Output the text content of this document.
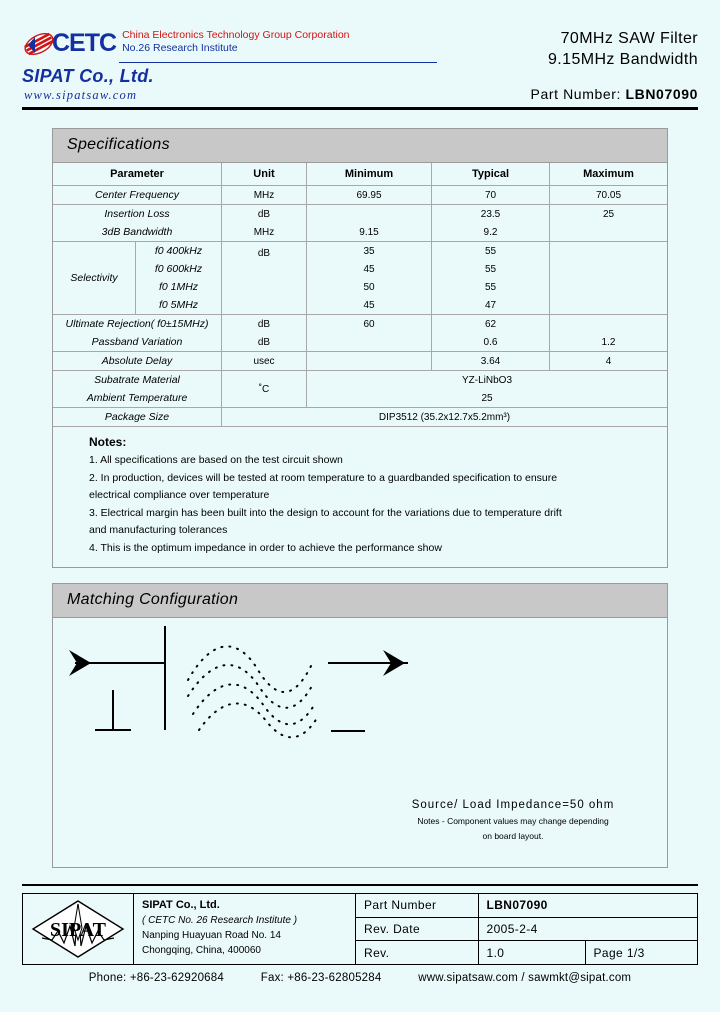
CETC China Electronics Technology Group Corporation
No.26 Research Institute
SIPAT Co., Ltd.
www.sipatsaw.com
70MHz SAW Filter
9.15MHz Bandwidth
Part Number: LBN07090
Specifications
Parameter		Unit	Minimum	Typical	Maximum
Center Frequency		MHz	69.95	70	70.05
Insertion Loss		dB		23.5	25
3dB Bandwidth		MHz	9.15	9.2	
Selectivity	f0 400kHz	dB	35	55	
	f0 600kHz		45	55	
	f0 1MHz		50	55	
	f0 5MHz		45	47	
Ultimate Rejection( f0±15MHz)		dB	60	62	
Passband Variation		dB		0.6	1.2
Absolute Delay		usec		3.64	4
Subatrate Material		˚C	YZ-LiNbO3		
Ambient Temperature			25		
Package Size		DIP3512 (35.2x12.7x5.2mm³)			
Notes:
1. All specifications are based on the test circuit shown
2. In production, devices will be tested at room temperature to a guardbanded specification to ensure
electrical compliance over temperature
3. Electrical margin has been built into the design to account for the variations due to temperature drift
and manufacturing tolerances
4. This is the optimum impedance in order to achieve the performance show
Matching Configuration
Source/ Load Impedance=50 ohm
Notes - Component values may change depending
on board layout.
SIPAT
SIPAT Co., Ltd.
( CETC No. 26 Research Institute )
Nanping Huayuan Road No. 14
Chongqing, China, 400060
Part Number	LBN07090	
Rev. Date	2005-2-4	
Rev.	1.0	Page 1/3
Phone: +86-23-62920684	Fax: +86-23-62805284	www.sipatsaw.com / sawmkt@sipat.com
